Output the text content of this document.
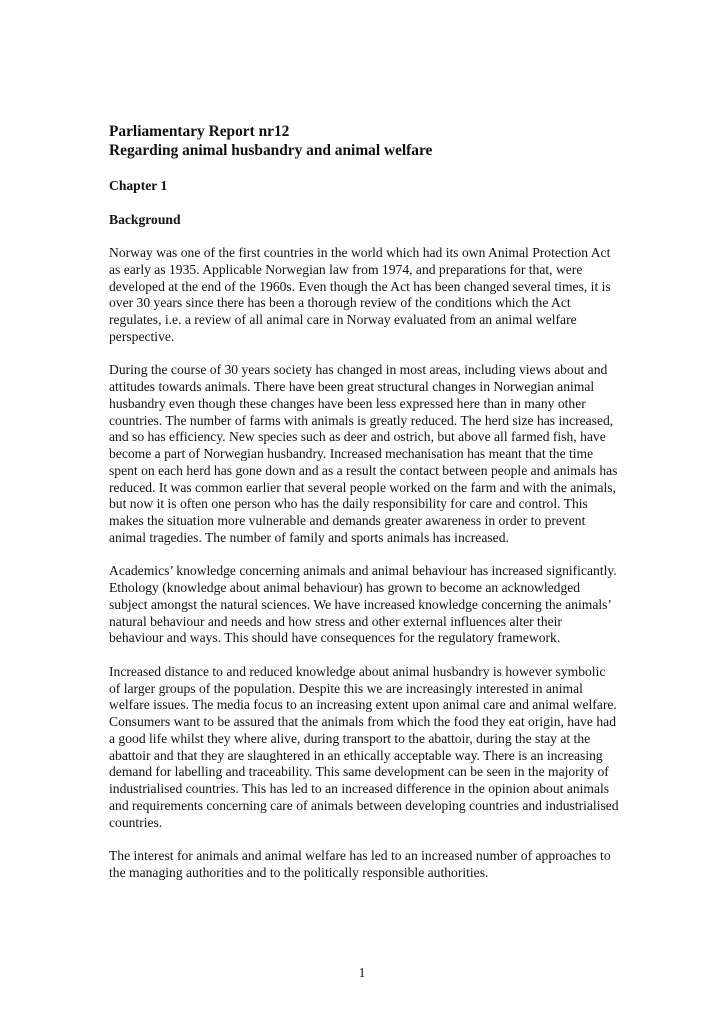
Parliamentary Report nr12
Regarding animal husbandry and animal welfare
Chapter 1
Background

Norway was one of the first countries in the world which had its own Animal Protection Act as early as 1935. Applicable Norwegian law from 1974, and preparations for that, were developed at the end of the 1960s. Even though the Act has been changed several times, it is over 30 years since there has been a thorough review of the conditions which the Act regulates, i.e. a review of all animal care in Norway evaluated from an animal welfare perspective.

During the course of 30 years society has changed in most areas, including views about and attitudes towards animals. There have been great structural changes in Norwegian animal husbandry even though these changes have been less expressed here than in many other countries. The number of farms with animals is greatly reduced. The herd size has increased, and so has efficiency. New species such as deer and ostrich, but above all farmed fish, have become a part of Norwegian husbandry. Increased mechanisation has meant that the time spent on each herd has gone down and as a result the contact between people and animals has reduced. It was common earlier that several people worked on the farm and with the animals, but now it is often one person who has the daily responsibility for care and control. This makes the situation more vulnerable and demands greater awareness in order to prevent animal tragedies. The number of family and sports animals has increased.

Academics’ knowledge concerning animals and animal behaviour has increased significantly. Ethology (knowledge about animal behaviour) has grown to become an acknowledged subject amongst the natural sciences. We have increased knowledge concerning the animals’ natural behaviour and needs and how stress and other external influences alter their behaviour and ways. This should have consequences for the regulatory framework.

Increased distance to and reduced knowledge about animal husbandry is however symbolic of larger groups of the population. Despite this we are increasingly interested in animal welfare issues. The media focus to an increasing extent upon animal care and animal welfare. Consumers want to be assured that the animals from which the food they eat origin, have had a good life whilst they where alive, during transport to the abattoir, during the stay at the abattoir and that they are slaughtered in an ethically acceptable way. There is an increasing demand for labelling and traceability. This same development can be seen in the majority of industrialised countries. This has led to an increased difference in the opinion about animals and requirements concerning care of animals between developing countries and industrialised countries.

The interest for animals and animal welfare has led to an increased number of approaches to the managing authorities and to the politically responsible authorities.

1
